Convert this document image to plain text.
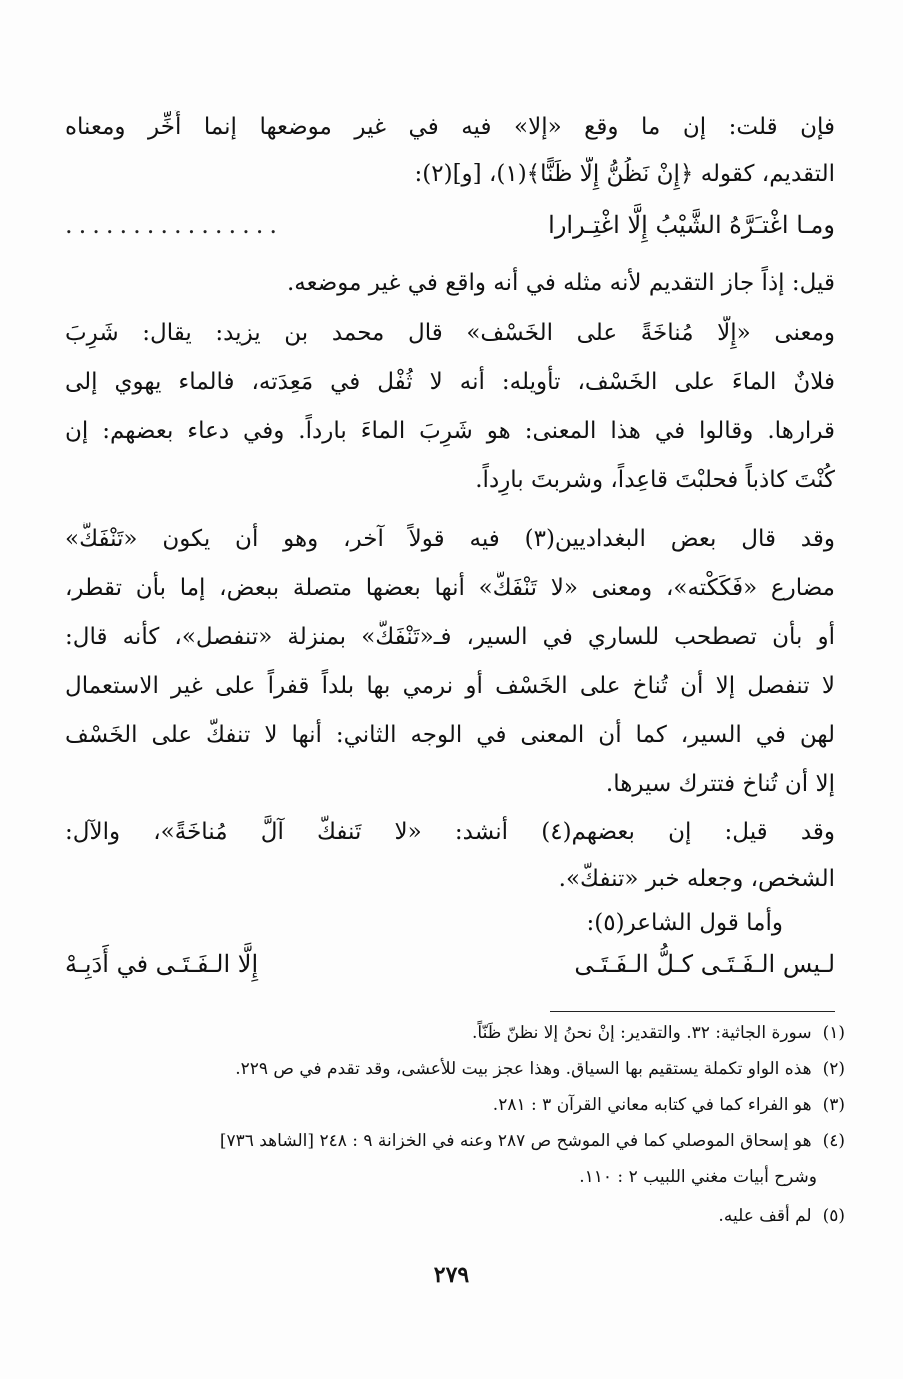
فإن قلت: إن ما وقع «إلا» فيه في غير موضعها إنما أُخِّر ومعناه
التقديم، كقوله ﴿إِنْ نَظُنُّ إِلَّا ظَنًّا﴾(١)، [و](٢):
ومـا اغْتـَرَّهُ الشَّيْبُ إِلَّا اغْتِـرارا
................
قيل: إذاً جاز التقديم لأنه مثله في أنه واقع في غير موضعه.
ومعنى «إِلَّا مُناخَةً على الخَسْف» قال محمد بن يزيد: يقال: شَرِبَ
فلانٌ الماءَ على الخَسْف، تأويله: أنه لا ثُفْل في مَعِدَته، فالماء يهوي إلى
قرارها. وقالوا في هذا المعنى: هو شَرِبَ الماءَ بارداً. وفي دعاء بعضهم: إن
كُنْتَ كاذباً فحلبْتَ قاعِداً، وشربتَ بارِداً.
وقد قال بعض البغداديين(٣) فيه قولاً آخر، وهو أن يكون «تَنْفَكُّ»
مضارع «فَكَكْته»، ومعنى «لا تَنْفَكُّ» أنها بعضها متصلة ببعض، إما بأن تقطر،
أو بأن تصطحب للساري في السير، فـ«تَنْفَكُّ» بمنزلة «تنفصل»، كأنه قال:
لا تنفصل إلا أن تُناخ على الخَسْف أو نرمي بها بلداً قفراً على غير الاستعمال
لهن في السير، كما أن المعنى في الوجه الثاني: أنها لا تنفكّ على الخَسْف
إلا أن تُناخ فتترك سيرها.
وقد قيل: إن بعضهم(٤) أنشد: «لا تَنفكّ آلَّ مُناخَةً»، والآل:
الشخص، وجعله خبر «تنفكّ».
وأما قول الشاعر(٥):
لـيس الـفَـتَـى كـلُّ الـفَـتَـى
إِلَّا الـفَـتَـى في أَدَبِـهْ
(١) سورة الجاثية: ٣٢. والتقدير: إنْ نحنُ إلا نظنّ ظَنّاً.
(٢) هذه الواو تكملة يستقيم بها السياق. وهذا عجز بيت للأعشى، وقد تقدم في ص ٢٢٩.
(٣) هو الفراء كما في كتابه معاني القرآن ٣ : ٢٨١.
(٤) هو إسحاق الموصلي كما في الموشح ص ٢٨٧ وعنه في الخزانة ٩ : ٢٤٨ [الشاهد ٧٣٦]
وشرح أبيات مغني اللبيب ٢ : ١١٠.
(٥) لم أقف عليه.
٢٧٩
